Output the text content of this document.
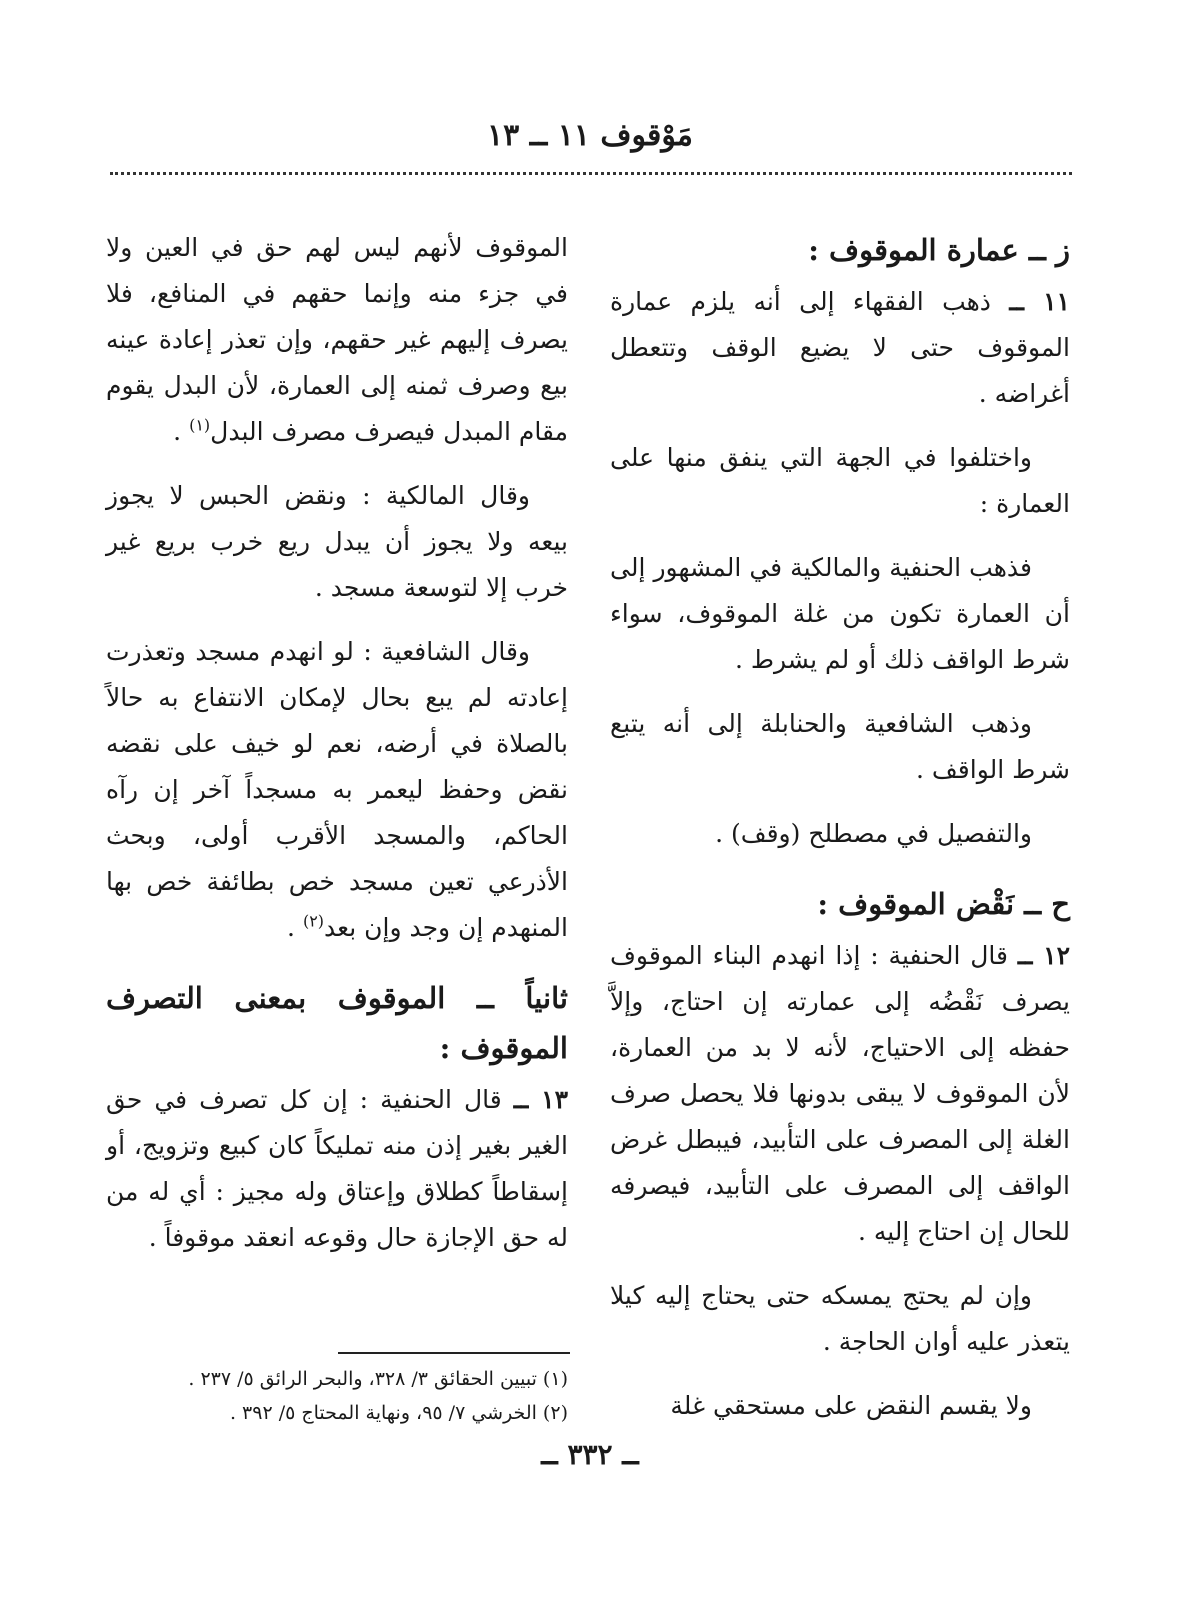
مَوْقوف ١١ ــ ١٣
ز ــ عمارة الموقوف :

١١ ــ ذهب الفقهاء إلى أنه يلزم عمارة الموقوف حتى لا يضيع الوقف وتتعطل أغراضه .

واختلفوا في الجهة التي ينفق منها على العمارة :

فذهب الحنفية والمالكية في المشهور إلى أن العمارة تكون من غلة الموقوف، سواء شرط الواقف ذلك أو لم يشرط .

وذهب الشافعية والحنابلة إلى أنه يتبع شرط الواقف .

والتفصيل في مصطلح (وقف) .

ح ــ نَقْض الموقوف :

١٢ ــ قال الحنفية : إذا انهدم البناء الموقوف يصرف نَقْضُه إلى عمارته إن احتاج، وإلاَّ حفظه إلى الاحتياج، لأنه لا بد من العمارة، لأن الموقوف لا يبقى بدونها فلا يحصل صرف الغلة إلى المصرف على التأبيد، فيبطل غرض الواقف إلى المصرف على التأبيد، فيصرفه للحال إن احتاج إليه .

وإن لم يحتج يمسكه حتى يحتاج إليه كيلا يتعذر عليه أوان الحاجة .

ولا يقسم النقض على مستحقي غلة

الموقوف لأنهم ليس لهم حق في العين ولا في جزء منه وإنما حقهم في المنافع، فلا يصرف إليهم غير حقهم، وإن تعذر إعادة عينه بيع وصرف ثمنه إلى العمارة، لأن البدل يقوم مقام المبدل فيصرف مصرف البدل$^{(١)}$ .

وقال المالكية : ونقض الحبس لا يجوز بيعه ولا يجوز أن يبدل ريع خرب بريع غير خرب إلا لتوسعة مسجد .

وقال الشافعية : لو انهدم مسجد وتعذرت إعادته لم يبع بحال لإمكان الانتفاع به حالاً بالصلاة في أرضه، نعم لو خيف على نقضه نقض وحفظ ليعمر به مسجداً آخر إن رآه الحاكم، والمسجد الأقرب أولى، وبحث الأذرعي تعين مسجد خص بطائفة خص بها المنهدم إن وجد وإن بعد$^{(٢)}$ .

ثانياً ــ الموقوف بمعنى التصرف الموقوف :

١٣ ــ قال الحنفية : إن كل تصرف في حق الغير بغير إذن منه تمليكاً كان كبيع وتزويج، أو إسقاطاً كطلاق وإعتاق وله مجيز : أي له من له حق الإجازة حال وقوعه انعقد موقوفاً .

(١) تبيين الحقائق ٣/ ٣٢٨، والبحر الرائق ٥/ ٢٣٧ .
(٢) الخرشي ٧/ ٩٥، ونهاية المحتاج ٥/ ٣٩٢ .
ــ ٣٣٢ ــ
